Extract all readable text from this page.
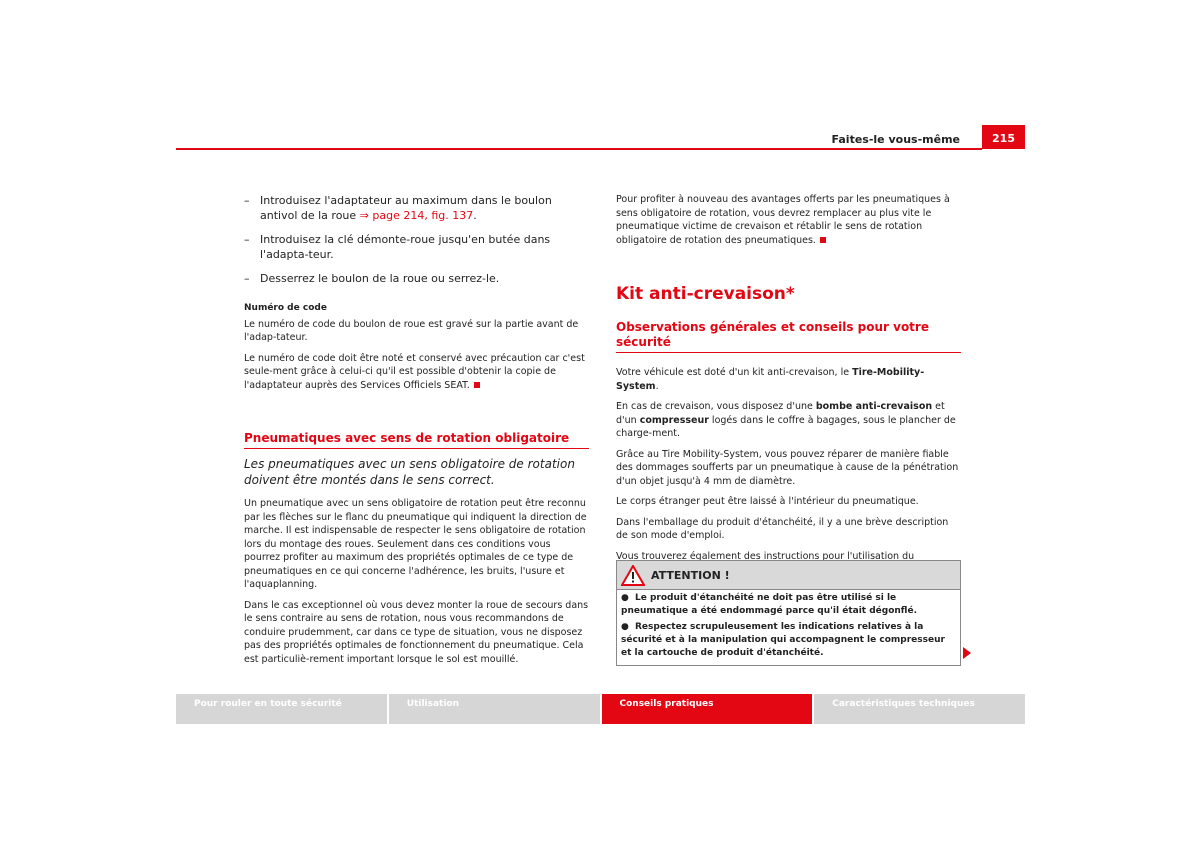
Faites-le vous-même	215
– Introduisez l'adaptateur au maximum dans le boulon antivol de la roue ⇒ page 214, fig. 137.
– Introduisez la clé démonte-roue jusqu'en butée dans l'adapta-teur.
– Desserrez le boulon de la roue ou serrez-le.
Numéro de code

Le numéro de code du boulon de roue est gravé sur la partie avant de l'adap-tateur.

Le numéro de code doit être noté et conservé avec précaution car c'est seule-ment grâce à celui-ci qu'il est possible d'obtenir la copie de l'adaptateur auprès des Services Officiels SEAT.

Pneumatiques avec sens de rotation obligatoire
Les pneumatiques avec un sens obligatoire de rotation doivent être montés dans le sens correct.

Un pneumatique avec un sens obligatoire de rotation peut être reconnu par les flèches sur le flanc du pneumatique qui indiquent la direction de marche. Il est indispensable de respecter le sens obligatoire de rotation lors du montage des roues. Seulement dans ces conditions vous pourrez profiter au maximum des propriétés optimales de ce type de pneumatiques en ce qui concerne l'adhérence, les bruits, l'usure et l'aquaplanning.

Dans le cas exceptionnel où vous devez monter la roue de secours dans le sens contraire au sens de rotation, nous vous recommandons de conduire prudemment, car dans ce type de situation, vous ne disposez pas des propriétés optimales de fonctionnement du pneumatique. Cela est particuliè-rement important lorsque le sol est mouillé.

Pour profiter à nouveau des avantages offerts par les pneumatiques à sens obligatoire de rotation, vous devrez remplacer au plus vite le pneumatique victime de crevaison et rétablir le sens de rotation obligatoire de rotation des pneumatiques.

Kit anti-crevaison*
Observations générales et conseils pour votre sécurité

Votre véhicule est doté d'un kit anti-crevaison, le Tire-Mobility-System.

En cas de crevaison, vous disposez d'une bombe anti-crevaison et d'un compresseur logés dans le coffre à bagages, sous le plancher de charge-ment.

Grâce au Tire Mobility-System, vous pouvez réparer de manière fiable des dommages soufferts par un pneumatique à cause de la pénétration d'un objet jusqu'à 4 mm de diamètre.

Le corps étranger peut être laissé à l'intérieur du pneumatique.

Dans l'emballage du produit d'étanchéité, il y a une brève description de son mode d'emploi.

Vous trouverez également des instructions pour l'utilisation du

ATTENTION !
● Le produit d'étanchéité ne doit pas être utilisé si le pneumatique a été endommagé parce qu'il était dégonflé.
● Respectez scrupuleusement les indications relatives à la sécurité et à la manipulation qui accompagnent le compresseur et la cartouche de produit d'étanchéité.
Pour rouler en toute sécurité	Utilisation	Conseils pratiques	Caractéristiques techniques
